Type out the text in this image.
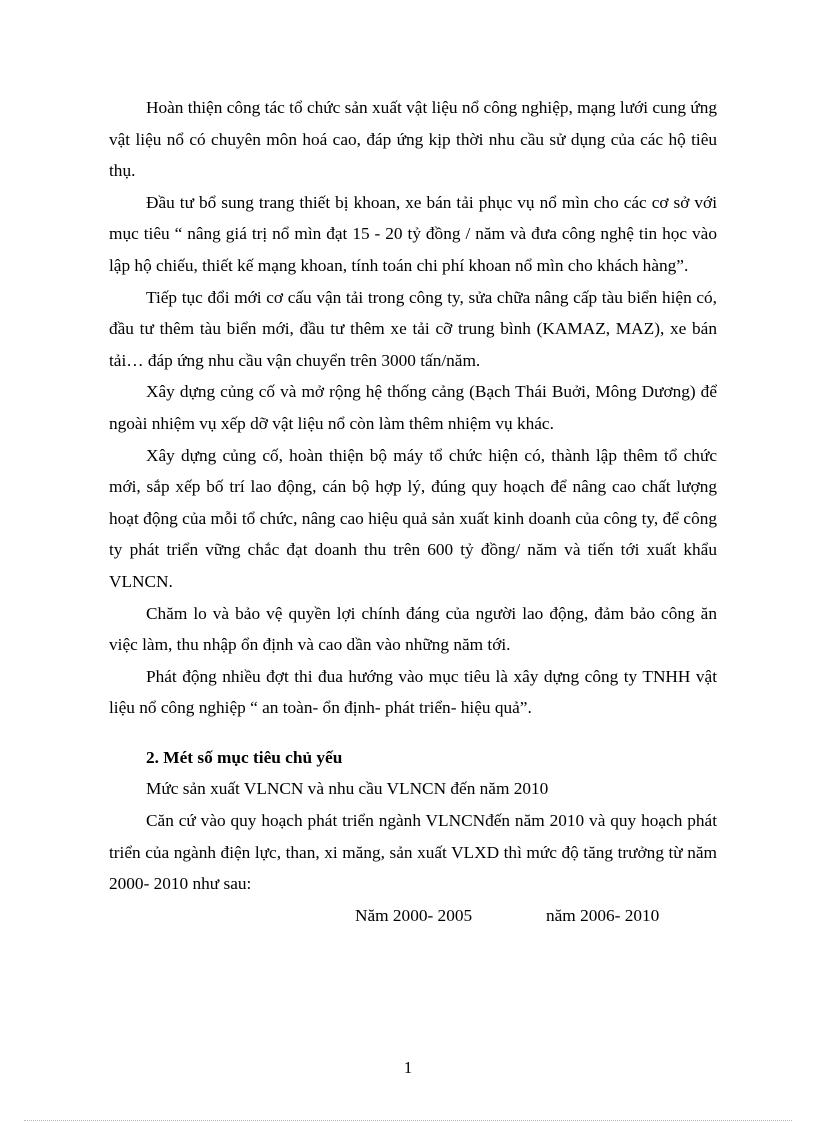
Hoàn thiện công tác tổ chức sản xuất vật liệu nổ công nghiệp, mạng lưới cung ứng vật liệu nổ có chuyên môn hoá cao, đáp ứng kịp thời nhu cầu sử dụng của các hộ tiêu thụ.

Đầu tư bổ sung trang thiết bị khoan, xe bán tải phục vụ nổ mìn cho các cơ sở với mục tiêu “ nâng giá trị nổ mìn đạt 15 - 20 tỷ đồng / năm và đưa công nghệ tin học vào lập hộ chiếu, thiết kế mạng khoan, tính toán chi phí khoan nổ mìn cho khách hàng”.

Tiếp tục đổi mới cơ cấu vận tải trong công ty, sửa chữa nâng cấp tàu biển hiện có, đầu tư thêm tàu biển mới, đầu tư thêm xe tải cỡ trung bình (KAMAZ, MAZ), xe bán tải… đáp ứng nhu cầu vận chuyển trên 3000 tấn/năm.

Xây dựng củng cố và mở rộng hệ thống cảng (Bạch Thái Buởi, Mông Dương) để ngoài nhiệm vụ xếp dỡ vật liệu nổ còn làm thêm nhiệm vụ khác.

Xây dựng củng cố, hoàn thiện bộ máy tổ chức hiện có, thành lập thêm tổ chức mới, sắp xếp bố trí lao động, cán bộ hợp lý, đúng quy hoạch để nâng cao chất lượng hoạt động của mỗi tổ chức, nâng cao hiệu quả sản xuất kinh doanh của công ty, để công ty phát triển vững chắc đạt doanh thu trên 600 tỷ đồng/ năm và tiến tới xuất khẩu VLNCN.

Chăm lo và bảo vệ quyền lợi chính đáng của người lao động, đảm bảo công ăn việc làm, thu nhập ổn định và cao dần vào những năm tới.

Phát động nhiều đợt thi đua hướng vào mục tiêu là xây dựng công ty TNHH vật liệu nổ công nghiệp “ an toàn- ổn định- phát triển- hiệu quả”.

2. Mét số mục tiêu chủ yếu

Mức sản xuất VLNCN và nhu cầu VLNCN đến năm 2010

Căn cứ vào quy hoạch phát triển ngành VLNCNđến năm 2010 và quy hoạch phát triển của ngành điện lực, than, xi măng, sản xuất VLXD thì mức độ tăng trưởng từ năm 2000- 2010 như sau:

Năm 2000- 2005	năm 2006- 2010
1
